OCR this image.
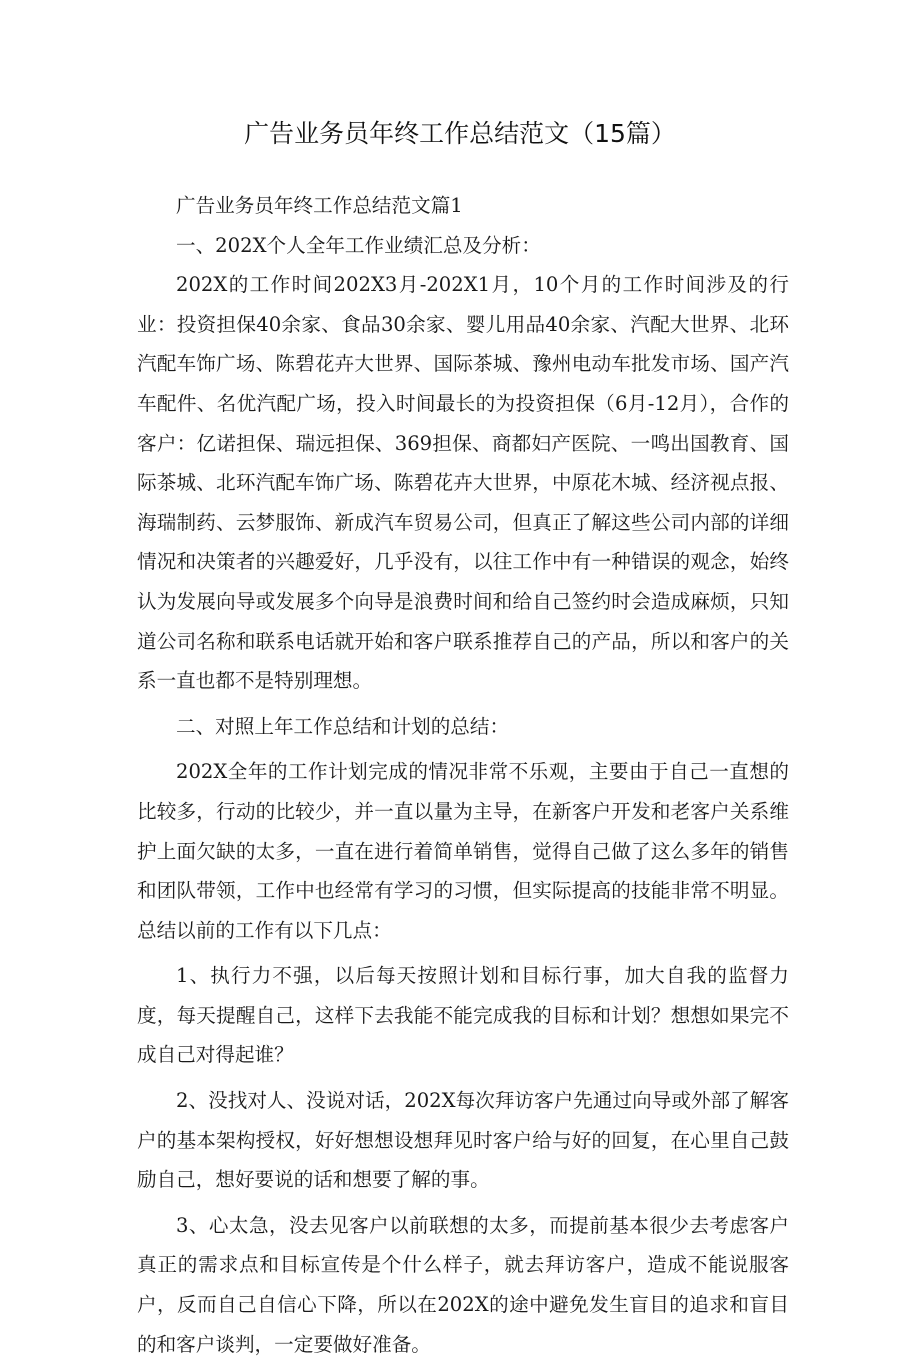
广告业务员年终工作总结范文（15篇）

广告业务员年终工作总结范文篇1

一、202X个人全年工作业绩汇总及分析：

202X的工作时间202X3月-202X1月，10个月的工作时间涉及的行业：投资担保40余家、食品30余家、婴儿用品40余家、汽配大世界、北环汽配车饰广场、陈碧花卉大世界、国际茶城、豫州电动车批发市场、国产汽车配件、名优汽配广场，投入时间最长的为投资担保（6月-12月），合作的客户：亿诺担保、瑞远担保、369担保、商都妇产医院、一鸣出国教育、国际茶城、北环汽配车饰广场、陈碧花卉大世界，中原花木城、经济视点报、海瑞制药、云梦服饰、新成汽车贸易公司，但真正了解这些公司内部的详细情况和决策者的兴趣爱好，几乎没有，以往工作中有一种错误的观念，始终认为发展向导或发展多个向导是浪费时间和给自己签约时会造成麻烦，只知道公司名称和联系电话就开始和客户联系推荐自己的产品，所以和客户的关系一直也都不是特别理想。

二、对照上年工作总结和计划的总结：

202X全年的工作计划完成的情况非常不乐观，主要由于自己一直想的比较多，行动的比较少，并一直以量为主导，在新客户开发和老客户关系维护上面欠缺的太多，一直在进行着简单销售，觉得自己做了这么多年的销售和团队带领，工作中也经常有学习的习惯，但实际提高的技能非常不明显。总结以前的工作有以下几点：

1、执行力不强，以后每天按照计划和目标行事，加大自我的监督力度，每天提醒自己，这样下去我能不能完成我的目标和计划？想想如果完不成自己对得起谁？

2、没找对人、没说对话，202X每次拜访客户先通过向导或外部了解客户的基本架构授权，好好想想设想拜见时客户给与好的回复，在心里自己鼓励自己，想好要说的话和想要了解的事。

3、心太急，没去见客户以前联想的太多，而提前基本很少去考虑客户真正的需求点和目标宣传是个什么样子，就去拜访客户，造成不能说服客户，反而自己自信心下降，所以在202X的途中避免发生盲目的追求和盲目的和客户谈判，一定要做好准备。
